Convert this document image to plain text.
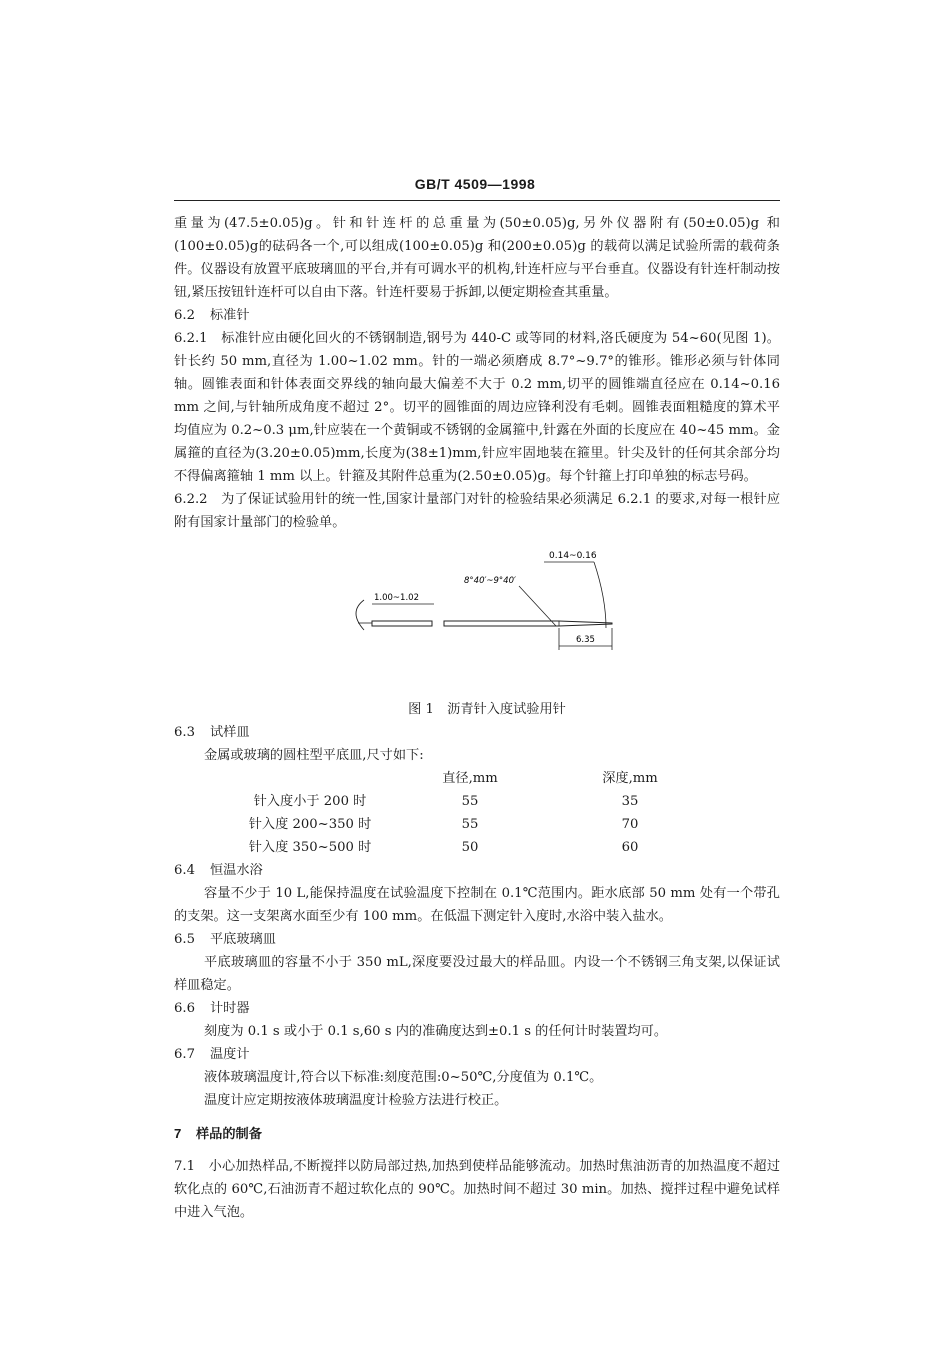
GB/T 4509—1998

重量为(47.5±0.05)g。针和针连杆的总重量为(50±0.05)g,另外仪器附有(50±0.05)g 和(100±0.05)g的砝码各一个,可以组成(100±0.05)g 和(200±0.05)g 的载荷以满足试验所需的载荷条件。仪器设有放置平底玻璃皿的平台,并有可调水平的机构,针连杆应与平台垂直。仪器设有针连杆制动按钮,紧压按钮针连杆可以自由下落。针连杆要易于拆卸,以便定期检查其重量。

6.2 标准针

6.2.1　 标准针应由硬化回火的不锈钢制造,钢号为 440-C 或等同的材料,洛氏硬度为 54~60(见图 1)。针长约 50 mm,直径为 1.00~1.02 mm。针的一端必须磨成 8.7°~9.7°的锥形。锥形必须与针体同轴。圆锥表面和针体表面交界线的轴向最大偏差不大于 0.2 mm,切平的圆锥端直径应在 0.14~0.16 mm 之间,与针轴所成角度不超过 2°。切平的圆锥面的周边应锋利没有毛刺。圆锥表面粗糙度的算术平均值应为 0.2~0.3 μm,针应装在一个黄铜或不锈钢的金属箍中,针露在外面的长度应在 40~45 mm。金属箍的直径为(3.20±0.05)mm,长度为(38±1)mm,针应牢固地装在箍里。针尖及针的任何其余部分均不得偏离箍轴 1 mm 以上。针箍及其附件总重为(2.50±0.05)g。每个针箍上打印单独的标志号码。

6.2.2　 为了保证试验用针的统一性,国家计量部门对针的检验结果必须满足 6.2.1 的要求,对每一根针应附有国家计量部门的检验单。

0.14~0.16
8°40′~9°40′
1.00~1.02
6.35

图 1　沥青针入度试验用针

6.3 试样皿

金属或玻璃的圆柱型平底皿,尺寸如下:

	直径,mm	深度,mm
针入度小于 200 时	55	35
针入度 200~350 时	55	70
针入度 350~500 时	50	60

6.4 恒温水浴

容量不少于 10 L,能保持温度在试验温度下控制在 0.1℃范围内。距水底部 50 mm 处有一个带孔的支架。这一支架离水面至少有 100 mm。在低温下测定针入度时,水浴中装入盐水。

6.5 平底玻璃皿

平底玻璃皿的容量不小于 350 mL,深度要没过最大的样品皿。内设一个不锈钢三角支架,以保证试样皿稳定。

6.6 计时器

刻度为 0.1 s 或小于 0.1 s,60 s 内的准确度达到±0.1 s 的任何计时装置均可。

6.7 温度计

液体玻璃温度计,符合以下标准:刻度范围:0~50℃,分度值为 0.1℃。

温度计应定期按液体玻璃温度计检验方法进行校正。

7 样品的制备

7.1　 小心加热样品,不断搅拌以防局部过热,加热到使样品能够流动。加热时焦油沥青的加热温度不超过软化点的 60℃,石油沥青不超过软化点的 90℃。加热时间不超过 30 min。加热、搅拌过程中避免试样中进入气泡。
